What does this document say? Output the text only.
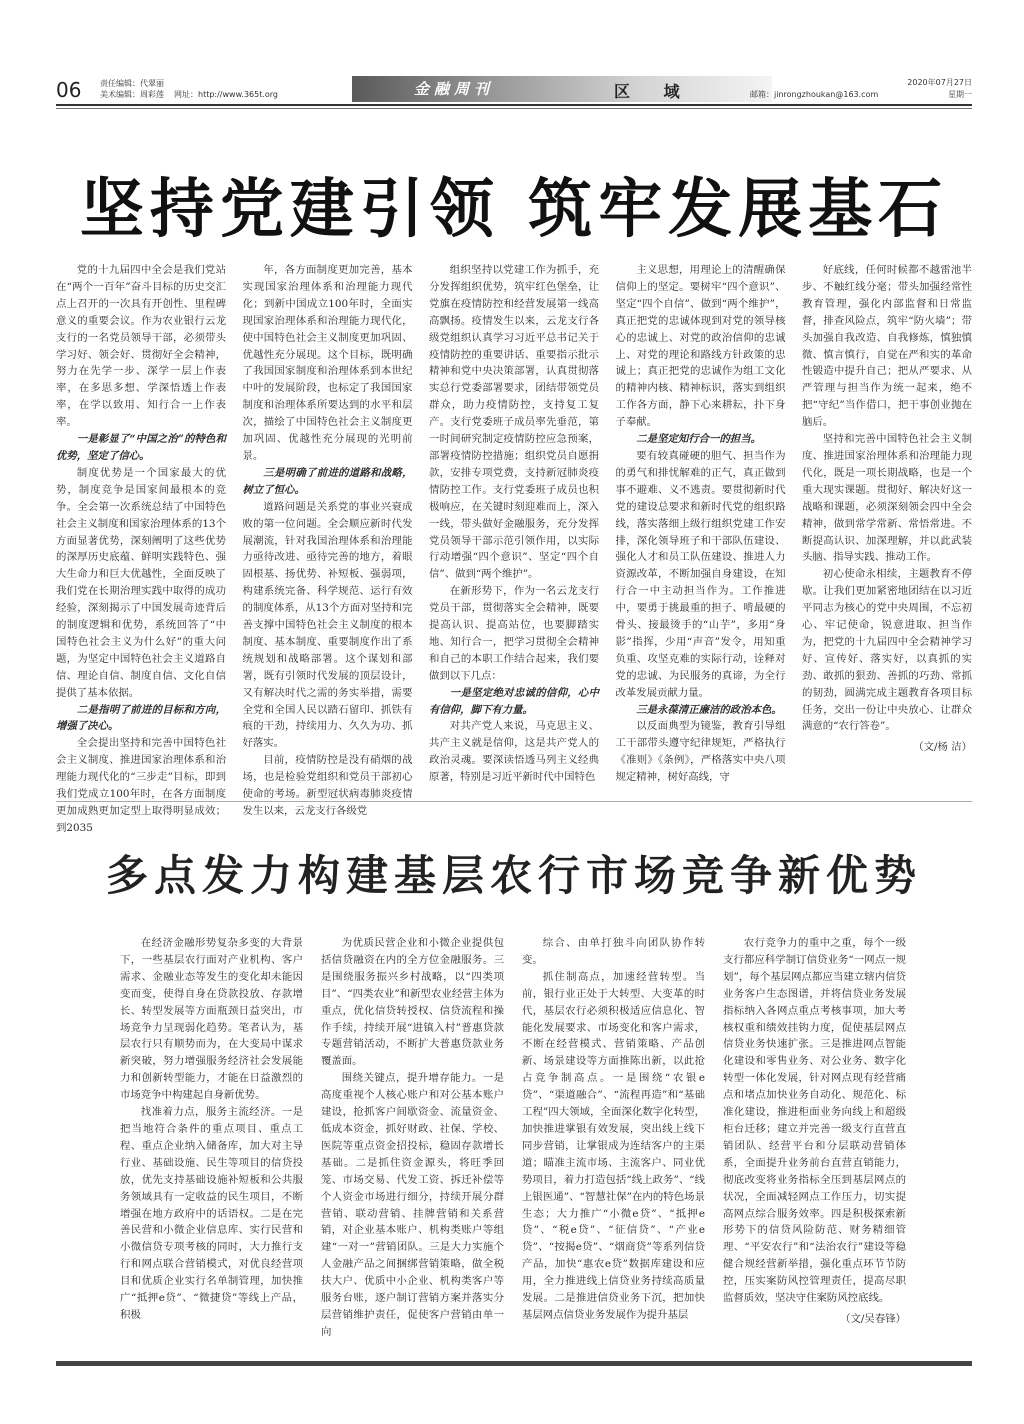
06 责任编辑：代翠丽
美术编辑：周彩莲 网址：http://www.365t.org	金融周刊	区 域	邮箱：jinrongzhoukan@163.com
2020年07月27日
星期一
坚持党建引领 筑牢发展基石

党的十九届四中全会是我们党站在“两个一百年”奋斗目标的历史交汇点上召开的一次具有开创性、里程碑意义的重要会议。作为农业银行云龙支行的一名党员领导干部，必须带头学习好、领会好、贯彻好全会精神，努力在先学一步、深学一层上作表率，在多思多想、学深悟透上作表率，在学以致用、知行合一上作表率。

一是彰显了“中国之治”的特色和优势，坚定了信心。

制度优势是一个国家最大的优势，制度竞争是国家间最根本的竞争。全会第一次系统总结了中国特色社会主义制度和国家治理体系的13个方面显著优势，深刻阐明了这些优势的深厚历史底蕴、鲜明实践特色、强大生命力和巨大优越性，全面反映了我们党在长期治理实践中取得的成功经验，深刻揭示了中国发展奇迹背后的制度逻辑和优势，系统回答了“中国特色社会主义为什么好”的重大问题，为坚定中国特色社会主义道路自信、理论自信、制度自信、文化自信提供了基本依据。

二是指明了前进的目标和方向，增强了决心。

全会提出坚持和完善中国特色社会主义制度、推进国家治理体系和治理能力现代化的“三步走”目标，即到我们党成立100年时，在各方面制度更加成熟更加定型上取得明显成效；到2035

年，各方面制度更加完善，基本实现国家治理体系和治理能力现代化；到新中国成立100年时，全面实现国家治理体系和治理能力现代化，使中国特色社会主义制度更加巩固、优越性充分展现。这个目标，既明确了我国国家制度和治理体系到本世纪中叶的发展阶段，也标定了我国国家制度和治理体系所要达到的水平和层次，描绘了中国特色社会主义制度更加巩固、优越性充分展现的光明前景。

三是明确了前进的道路和战略，树立了恒心。

道路问题是关系党的事业兴衰成败的第一位问题。全会顺应新时代发展潮流，针对我国治理体系和治理能力亟待改进、亟待完善的地方，着眼固根基、扬优势、补短板、强弱项，构建系统完备、科学规范、运行有效的制度体系，从13个方面对坚持和完善支撑中国特色社会主义制度的根本制度、基本制度、重要制度作出了系统规划和战略部署。这个谋划和部署，既有引领时代发展的顶层设计，又有解决时代之需的务实举措，需要全党和全国人民以踏石留印、抓铁有痕的干劲，持续用力、久久为功、抓好落实。

目前，疫情防控是没有硝烟的战场，也是检验党组织和党员干部初心使命的考场。新型冠状病毒肺炎疫情发生以来，云龙支行各级党

组织坚持以党建工作为抓手，充分发挥组织优势，筑牢红色堡垒，让党旗在疫情防控和经营发展第一线高高飘扬。疫情发生以来，云龙支行各级党组织认真学习习近平总书记关于疫情防控的重要讲话、重要指示批示精神和党中央决策部署，认真贯彻落实总行党委部署要求，团结带领党员群众，助力疫情防控，支持复工复产。支行党委班子成员率先垂范，第一时间研究制定疫情防控应急预案，部署疫情防控措施；组织党员自愿捐款，安排专项党费，支持新冠肺炎疫情防控工作。支行党委班子成员也积极响应，在关键时刻迎难而上，深入一线，带头做好金融服务，充分发挥党员领导干部示范引领作用，以实际行动增强“四个意识”、坚定“四个自信”、做到“两个维护”。

在新形势下，作为一名云龙支行党员干部，贯彻落实全会精神，既要提高认识、提高站位，也要脚踏实地、知行合一，把学习贯彻全会精神和自己的本职工作结合起来，我们要做到以下几点：

一是坚定绝对忠诚的信仰，心中有信仰，脚下有力量。

对共产党人来说，马克思主义、共产主义就是信仰，这是共产党人的政治灵魂。要深读悟透马列主义经典原著，特别是习近平新时代中国特色

主义思想，用理论上的清醒确保信仰上的坚定。要树牢“四个意识”、坚定“四个自信”、做到“两个维护”，真正把党的忠诚体现到对党的领导核心的忠诚上、对党的政治信仰的忠诚上、对党的理论和路线方针政策的忠诚上；真正把党的忠诚作为组工文化的精神内核、精神标识，落实到组织工作各方面，静下心来耕耘，扑下身子奉献。

二是坚定知行合一的担当。

要有较真碰硬的胆气、担当作为的勇气和排忧解难的正气，真正做到事不避难、义不逃责。要贯彻新时代党的建设总要求和新时代党的组织路线，落实落细上级行组织党建工作安排，深化领导班子和干部队伍建设、强化人才和员工队伍建设、推进人力资源改革，不断加强自身建设，在知行合一中主动担当作为。工作推进中，要勇于挑最重的担子、啃最硬的骨头、接最烫手的“山芋”，多用“身影”指挥，少用“声音”发令，用知重负重、攻坚克难的实际行动，诠释对党的忠诚、为民服务的真谛，为全行改革发展贡献力量。

三是永葆清正廉洁的政治本色。

以反面典型为镜鉴，教育引导组工干部带头遵守纪律规矩，严格执行《准则》《条例》，严格落实中央八项规定精神，树好高线，守

好底线，任何时候都不越雷池半步、不触红线分毫；带头加强经常性教育管理，强化内部监督和日常监督，排查风险点，筑牢“防火墙”；带头加强自我改造、自我修炼，慎独慎微、慎言慎行，自觉在严和实的革命性锻造中提升自己；把从严要求、从严管理与担当作为统一起来，绝不把“守纪”当作借口，把干事创业抛在脑后。

坚持和完善中国特色社会主义制度、推进国家治理体系和治理能力现代化，既是一项长期战略，也是一个重大现实课题。贯彻好、解决好这一战略和课题，必须深刻领会四中全会精神，做到常学常新、常悟常进。不断提高认识、加深理解，并以此武装头脑、指导实践、推动工作。

初心使命永相续，主题教育不停歇。让我们更加紧密地团结在以习近平同志为核心的党中央周围，不忘初心、牢记使命，锐意进取、担当作为，把党的十九届四中全会精神学习好、宣传好、落实好，以真抓的实劲、敢抓的狠劲、善抓的巧劲、常抓的韧劲，圆满完成主题教育各项目标任务，交出一份让中央放心、让群众满意的“农行答卷”。

（文/杨 洁）
多点发力构建基层农行市场竞争新优势

在经济金融形势复杂多变的大背景下，一些基层农行面对产业机构、客户需求、金融业态等发生的变化却未能因变而变，使得自身在贷款投放、存款增长、转型发展等方面瓶颈日益突出，市场竞争力呈现弱化趋势。笔者认为，基层农行只有顺势而为，在大变局中谋求新突破，努力增强服务经济社会发展能力和创新转型能力，才能在日益激烈的市场竞争中构建起自身新优势。

找准着力点，服务主流经济。一是把当地符合条件的重点项目、重点工程、重点企业纳入储备库，加大对主导行业、基础设施、民生等项目的信贷投放，优先支持基础设施补短板和公共服务领域具有一定收益的民生项目，不断增强在地方政府中的话语权。二是在完善民营和小微企业信息库、实行民营和小微信贷专项考核的同时，大力推行支行和网点联合营销模式，对优良经营项目和优质企业实行名单制管理，加快推广“抵押e贷”、“微捷贷”等线上产品，积极

为优质民营企业和小微企业提供包括信贷融资在内的全方位金融服务。三是围绕服务振兴乡村战略，以“四类项目”、“四类农业”和新型农业经营主体为重点，优化信贷转授权、信贷流程和操作手续，持续开展“进镇入村”普惠贷款专题营销活动，不断扩大普惠贷款业务覆盖面。

围绕关键点，提升增存能力。一是高度重视个人核心账户和对公基本账户建设，抢抓客户间歇资金、流量资金、低成本资金，抓好财政、社保、学校、医院等重点资金招投标，稳固存款增长基础。二是抓住资金源头，将旺季回笼、市场交易、代发工资、拆迁补偿等个人资金市场进行细分，持续开展分群营销、联动营销、挂牌营销和关系营销，对企业基本账户、机构类账户等组建“一对一”营销团队。三是大力实施个人金融产品之间捆绑营销策略，做全税扶大户、优质中小企业、机构类客户等服务台账，逐户制订营销方案并落实分层营销维护责任，促使客户营销由单一向

综合、由单打独斗向团队协作转变。

抓住制高点，加速经营转型。当前，银行业正处于大转型、大变革的时代，基层农行必须积极适应信息化、智能化发展要求、市场变化和客户需求，不断在经营模式、营销策略、产品创新、场景建设等方面推陈出新，以此抢占竞争制高点。一是围绕“农银e贷”、“渠道融合”、“流程再造”和“基础工程”四大领域，全面深化数字化转型，加快推进掌银有效发展，突出线上线下同步营销，让掌银成为连结客户的主渠道；瞄准主流市场、主流客户、同业优势项目，着力打造包括“线上政务”、“线上银医通”、“智慧社保”在内的特色场景生态；大力推广“小微e贷”、“抵押e贷”、“税e贷”、“征信贷”、“产业e贷”、“按揭e贷”、“烟商贷”等系列信贷产品，加快“惠农e贷”数据库建设和应用，全力推进线上信贷业务持续高质量发展。二是推进信贷业务下沉，把加快基层网点信贷业务发展作为提升基层

农行竞争力的重中之重，每个一级支行都应科学制订信贷业务“一网点一规划”，每个基层网点都应当建立辖内信贷业务客户生态图谱，并将信贷业务发展指标纳入各网点重点考核事项，加大考核权重和绩效挂钩力度，促使基层网点信贷业务快速扩张。三是推进网点智能化建设和零售业务、对公业务、数字化转型一体化发展，针对网点现有经营痛点和堵点加快业务自动化、规范化、标准化建设，推进柜面业务向线上和超级柜台迁移；建立并完善一级支行直营直销团队、经营平台和分层联动营销体系，全面提升业务前台直营直销能力，彻底改变将业务指标全压到基层网点的状况，全面减轻网点工作压力，切实提高网点综合服务效率。四是积极探索新形势下的信贷风险防范、财务精细管理、“平安农行”和“法治农行”建设等稳健合规经营新举措，强化重点环节节防控，压实案防风控管理责任，提高尽职监督质效，坚决守住案防风控底线。

（文/吴春锋）
